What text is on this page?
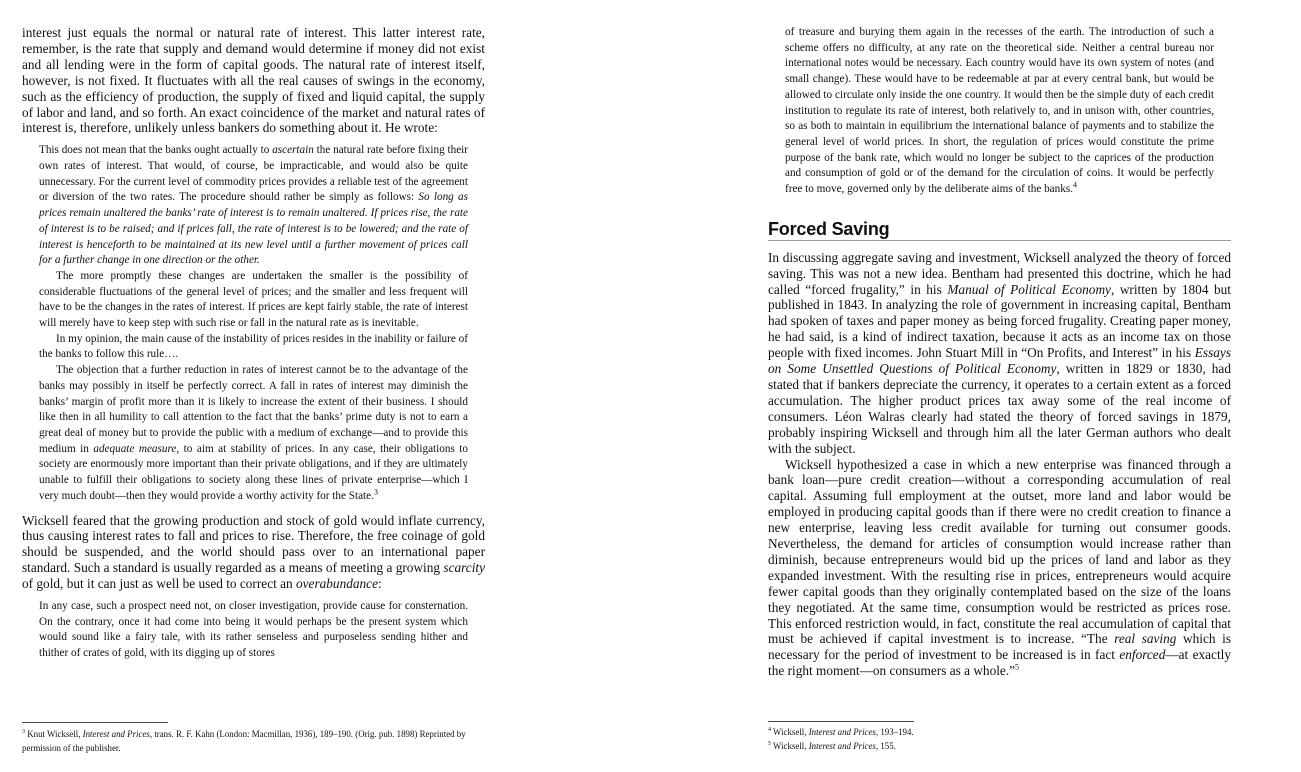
interest just equals the normal or natural rate of interest. This latter interest rate, remember, is the rate that supply and demand would determine if money did not exist and all lending were in the form of capital goods. The natural rate of interest itself, however, is not fixed. It fluctuates with all the real causes of swings in the economy, such as the efficiency of production, the supply of fixed and liquid capital, the supply of labor and land, and so forth. An exact coincidence of the market and natural rates of interest is, therefore, unlikely unless bankers do something about it. He wrote:

This does not mean that the banks ought actually to ascertain the natural rate before fixing their own rates of interest. That would, of course, be impracticable, and would also be quite unnecessary. For the current level of commodity prices provides a reliable test of the agreement or diversion of the two rates. The procedure should rather be simply as follows: So long as prices remain unaltered the banks’ rate of interest is to remain unaltered. If prices rise, the rate of interest is to be raised; and if prices fall, the rate of interest is to be lowered; and the rate of interest is henceforth to be maintained at its new level until a further movement of prices call for a further change in one direction or the other.

The more promptly these changes are undertaken the smaller is the possibility of considerable fluctuations of the general level of prices; and the smaller and less frequent will have to be the changes in the rates of interest. If prices are kept fairly stable, the rate of interest will merely have to keep step with such rise or fall in the natural rate as is inevitable.

In my opinion, the main cause of the instability of prices resides in the inability or failure of the banks to follow this rule….

The objection that a further reduction in rates of interest cannot be to the advantage of the banks may possibly in itself be perfectly correct. A fall in rates of interest may diminish the banks’ margin of profit more than it is likely to increase the extent of their business. I should like then in all humility to call attention to the fact that the banks’ prime duty is not to earn a great deal of money but to provide the public with a medium of exchange—and to provide this medium in adequate measure, to aim at stability of prices. In any case, their obligations to society are enormously more important than their private obligations, and if they are ultimately unable to fulfill their obligations to society along these lines of private enterprise—which I very much doubt—then they would provide a worthy activity for the State.$^3$

Wicksell feared that the growing production and stock of gold would inflate currency, thus causing interest rates to fall and prices to rise. Therefore, the free coinage of gold should be suspended, and the world should pass over to an international paper standard. Such a standard is usually regarded as a means of meeting a growing scarcity of gold, but it can just as well be used to correct an overabundance:

In any case, such a prospect need not, on closer investigation, provide cause for consternation. On the contrary, once it had come into being it would perhaps be the present system which would sound like a fairy tale, with its rather senseless and purposeless sending hither and thither of crates of gold, with its digging up of stores

$^3$ Knut Wicksell, Interest and Prices, trans. R. F. Kahn (London: Macmillan, 1936), 189–190. (Orig. pub. 1898) Reprinted by permission of the publisher.

of treasure and burying them again in the recesses of the earth. The introduction of such a scheme offers no difficulty, at any rate on the theoretical side. Neither a central bureau nor international notes would be necessary. Each country would have its own system of notes (and small change). These would have to be redeemable at par at every central bank, but would be allowed to circulate only inside the one country. It would then be the simple duty of each credit institution to regulate its rate of interest, both relatively to, and in unison with, other countries, so as both to maintain in equilibrium the international balance of payments and to stabilize the general level of world prices. In short, the regulation of prices would constitute the prime purpose of the bank rate, which would no longer be subject to the caprices of the production and consumption of gold or of the demand for the circulation of coins. It would be perfectly free to move, governed only by the deliberate aims of the banks.$^4$

Forced Saving

In discussing aggregate saving and investment, Wicksell analyzed the theory of forced saving. This was not a new idea. Bentham had presented this doctrine, which he had called “forced frugality,” in his Manual of Political Economy, written by 1804 but published in 1843. In analyzing the role of government in increasing capital, Bentham had spoken of taxes and paper money as being forced frugality. Creating paper money, he had said, is a kind of indirect taxation, because it acts as an income tax on those people with fixed incomes. John Stuart Mill in “On Profits, and Interest” in his Essays on Some Unsettled Questions of Political Economy, written in 1829 or 1830, had stated that if bankers depreciate the currency, it operates to a certain extent as a forced accumulation. The higher product prices tax away some of the real income of consumers. Léon Walras clearly had stated the theory of forced savings in 1879, probably inspiring Wicksell and through him all the later German authors who dealt with the subject.

Wicksell hypothesized a case in which a new enterprise was financed through a bank loan—pure credit creation—without a corresponding accumulation of real capital. Assuming full employment at the outset, more land and labor would be employed in producing capital goods than if there were no credit creation to finance a new enterprise, leaving less credit available for turning out consumer goods. Nevertheless, the demand for articles of consumption would increase rather than diminish, because entrepreneurs would bid up the prices of land and labor as they expanded investment. With the resulting rise in prices, entrepreneurs would acquire fewer capital goods than they originally contemplated based on the size of the loans they negotiated. At the same time, consumption would be restricted as prices rose. This enforced restriction would, in fact, constitute the real accumulation of capital that must be achieved if capital investment is to increase. “The real saving which is necessary for the period of investment to be increased is in fact enforced—at exactly the right moment—on consumers as a whole.”$^5$

$^4$ Wicksell, Interest and Prices, 193–194.

$^5$ Wicksell, Interest and Prices, 155.
